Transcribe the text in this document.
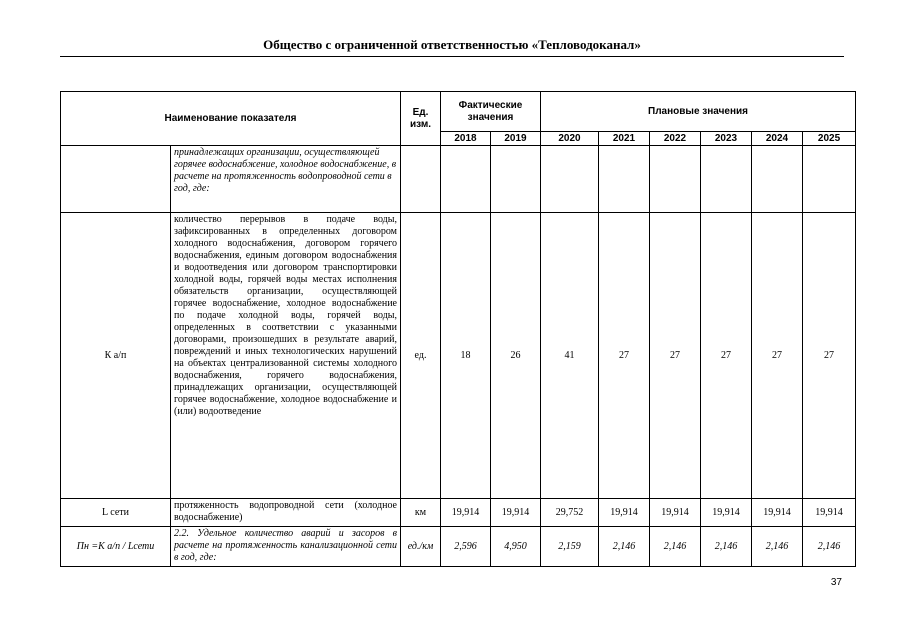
Общество с ограниченной ответственностью «Тепловодоканал»
Наименование показателя		Ед. изм.	Фактические значения		Плановые значения					
			2018	2019	2020	2021	2022	2023	2024	2025
	принадлежащих организации, осуществляющей горячее водоснабжение, холодное водоснабжение, в расчете на протяженность водопроводной сети в год, где:									
К а/п	количество перерывов в подаче воды, зафиксированных в определенных договором холодного водоснабжения, договором горячего водоснабжения, единым договором водоснабжения и водоотведения или договором транспортировки холодной воды, горячей воды местах исполнения обязательств организации, осуществляющей горячее водоснабжение, холодное водоснабжение по подаче холодной воды, горячей воды, определенных в соответствии с указанными договорами, произошедших в результате аварий, повреждений и иных технологических нарушений на объектах централизованной системы холодного водоснабжения, горячего водоснабжения, принадлежащих организации, осуществляющей горячее водоснабжение, холодное водоснабжение и (или) водоотведение	ед.	18	26	41	27	27	27	27	27
L сети	протяженность водопроводной сети (холодное водоснабжение)	км	19,914	19,914	29,752	19,914	19,914	19,914	19,914	19,914
Пн =К а/п / Lсети	2.2. Удельное количество аварий и засоров в расчете на протяженность канализационной сети в год, где:	ед./км	2,596	4,950	2,159	2,146	2,146	2,146	2,146	2,146
37
